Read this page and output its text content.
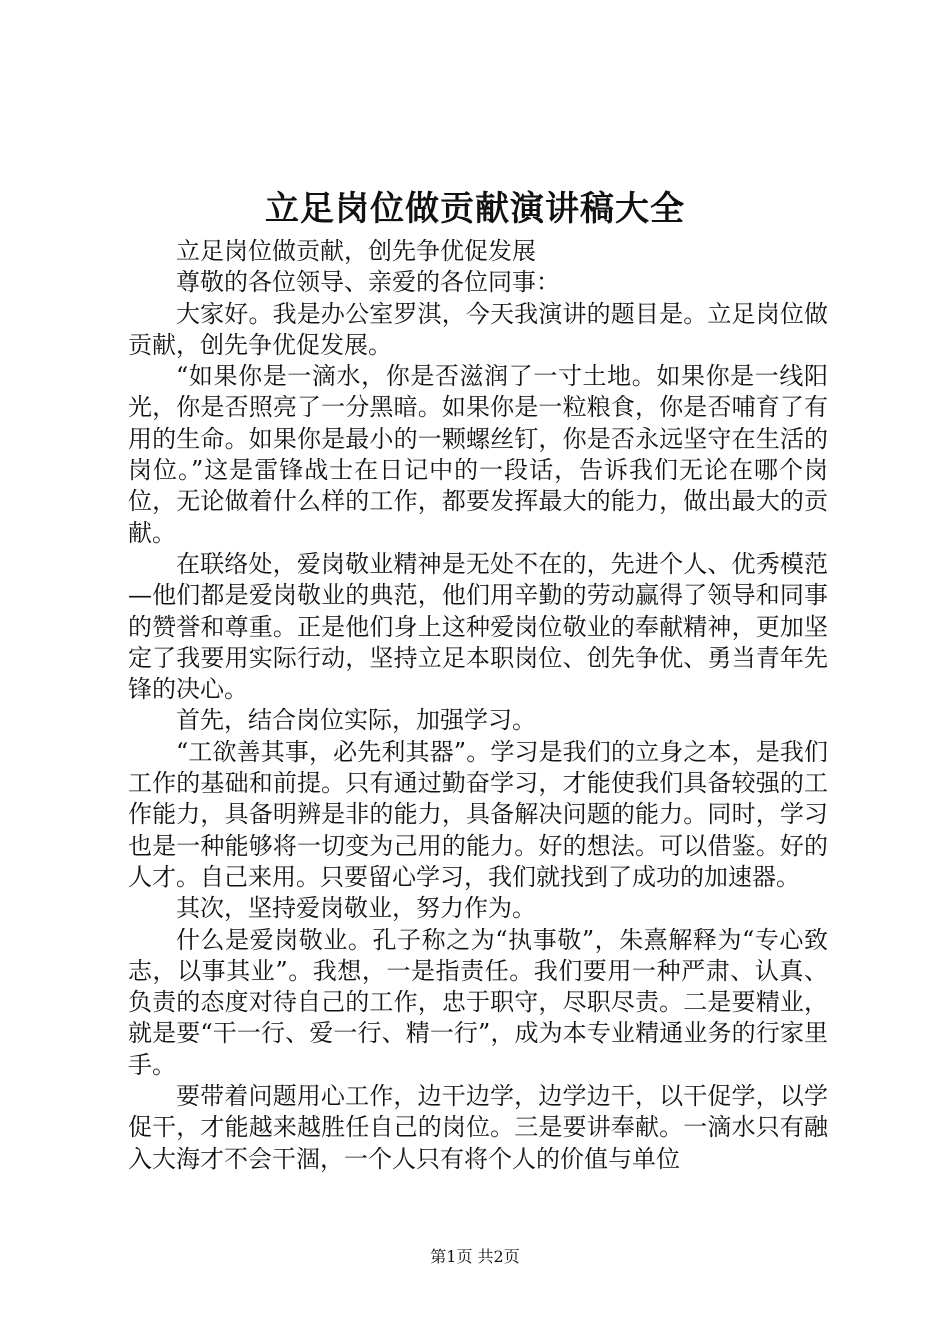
立足岗位做贡献演讲稿大全

立足岗位做贡献，创先争优促发展

尊敬的各位领导、亲爱的各位同事：

大家好。我是办公室罗淇，今天我演讲的题目是。立足岗位做贡献，创先争优促发展。

“如果你是一滴水，你是否滋润了一寸土地。如果你是一线阳光，你是否照亮了一分黑暗。如果你是一粒粮食，你是否哺育了有用的生命。如果你是最小的一颗螺丝钉，你是否永远坚守在生活的岗位。”这是雷锋战士在日记中的一段话，告诉我们无论在哪个岗位，无论做着什么样的工作，都要发挥最大的能力，做出最大的贡献。

在联络处，爱岗敬业精神是无处不在的，先进个人、优秀模范—他们都是爱岗敬业的典范，他们用辛勤的劳动赢得了领导和同事的赞誉和尊重。正是他们身上这种爱岗位敬业的奉献精神，更加坚定了我要用实际行动，坚持立足本职岗位、创先争优、勇当青年先锋的决心。

首先，结合岗位实际，加强学习。

“工欲善其事，必先利其器”。学习是我们的立身之本，是我们工作的基础和前提。只有通过勤奋学习，才能使我们具备较强的工作能力，具备明辨是非的能力，具备解决问题的能力。同时，学习也是一种能够将一切变为己用的能力。好的想法。可以借鉴。好的人才。自己来用。只要留心学习，我们就找到了成功的加速器。

其次，坚持爱岗敬业，努力作为。

什么是爱岗敬业。孔子称之为“执事敬”，朱熹解释为“专心致志，以事其业”。我想，一是指责任。我们要用一种严肃、认真、负责的态度对待自己的工作，忠于职守，尽职尽责。二是要精业，就是要“干一行、爱一行、精一行”，成为本专业精通业务的行家里手。

要带着问题用心工作，边干边学，边学边干，以干促学，以学促干，才能越来越胜任自己的岗位。三是要讲奉献。一滴水只有融入大海才不会干涸，一个人只有将个人的价值与单位

第1页 共2页
